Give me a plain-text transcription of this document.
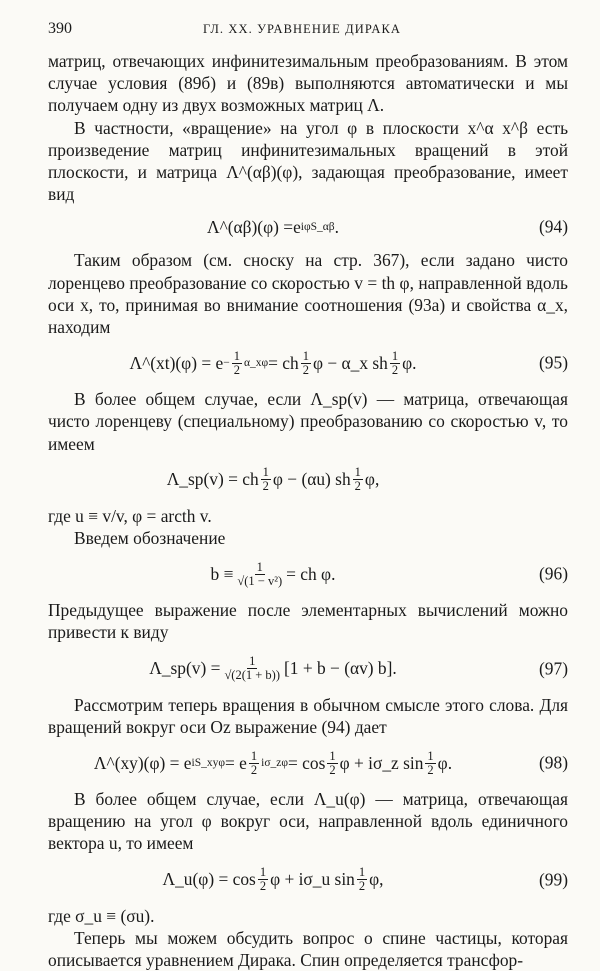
390	ГЛ. XX. УРАВНЕНИЕ ДИРАКА

матриц, отвечающих инфинитезимальным преобразованиям. В этом случае условия (89б) и (89в) выполняются автоматически и мы получаем одну из двух возможных матриц Λ.

В частности, «вращение» на угол φ в плоскости x^α x^β есть произведение матриц инфинитезимальных вращений в этой плоскости, и матрица Λ^(αβ)(φ), задающая преобразование, имеет вид

Λ^(αβ)(φ) = e iφS_αβ .	(94)

Таким образом (см. сноску на стр. 367), если задано чисто лоренцево преобразование со скоростью v = th φ, направленной вдоль оси x, то, принимая во внимание соотношения (93а) и свойства α_x, находим

Λ^(xt)(φ) = $e - \frac{1}{2}$ α_xφ = ch $\frac{1}{2}$ φ − α_x sh $\frac{1}{2} \varphi$.	(95)

В более общем случае, если Λ_sp(v) — матрица, отвечающая чисто лоренцеву (специальному) преобразованию со скоростью v, то имеем

Λ_sp(v) = ch $\frac{1}{2}$ φ − (αu) sh $\frac{1}{2} \varphi$,

где u ≡ v/v, φ = arcth v.

Введем обозначение

$b \equiv \frac{1}{\text{√(1 − v²)}}$ = ch φ.	(96)

Предыдущее выражение после элементарных вычислений можно привести к виду

Λ_sp(v) = $\frac{1}{√(2(1 + b))} [1 + b - (\alpha v)$ b].	(97)

Рассмотрим теперь вращения в обычном смысле этого слова. Для вращений вокруг оси Oz выражение (94) дает

Λ^(xy)(φ) = e iS_xyφ = e $\frac{1}{2}$ iσ_zφ = $\cos \frac{1}{2}$ φ + iσ_z $\sin \frac{1}{2} \varphi$.	(98)

В более общем случае, если Λ_u(φ) — матрица, отвечающая вращению на угол φ вокруг оси, направленной вдоль единичного вектора u, то имеем

Λ_u(φ) = $\cos \frac{1}{2}$ φ + iσ_u $\sin \frac{1}{2} \varphi$,	(99)

где σ_u ≡ (σu).

Теперь мы можем обсудить вопрос о спине частицы, которая описывается уравнением Дирака. Спин определяется трансфор-
